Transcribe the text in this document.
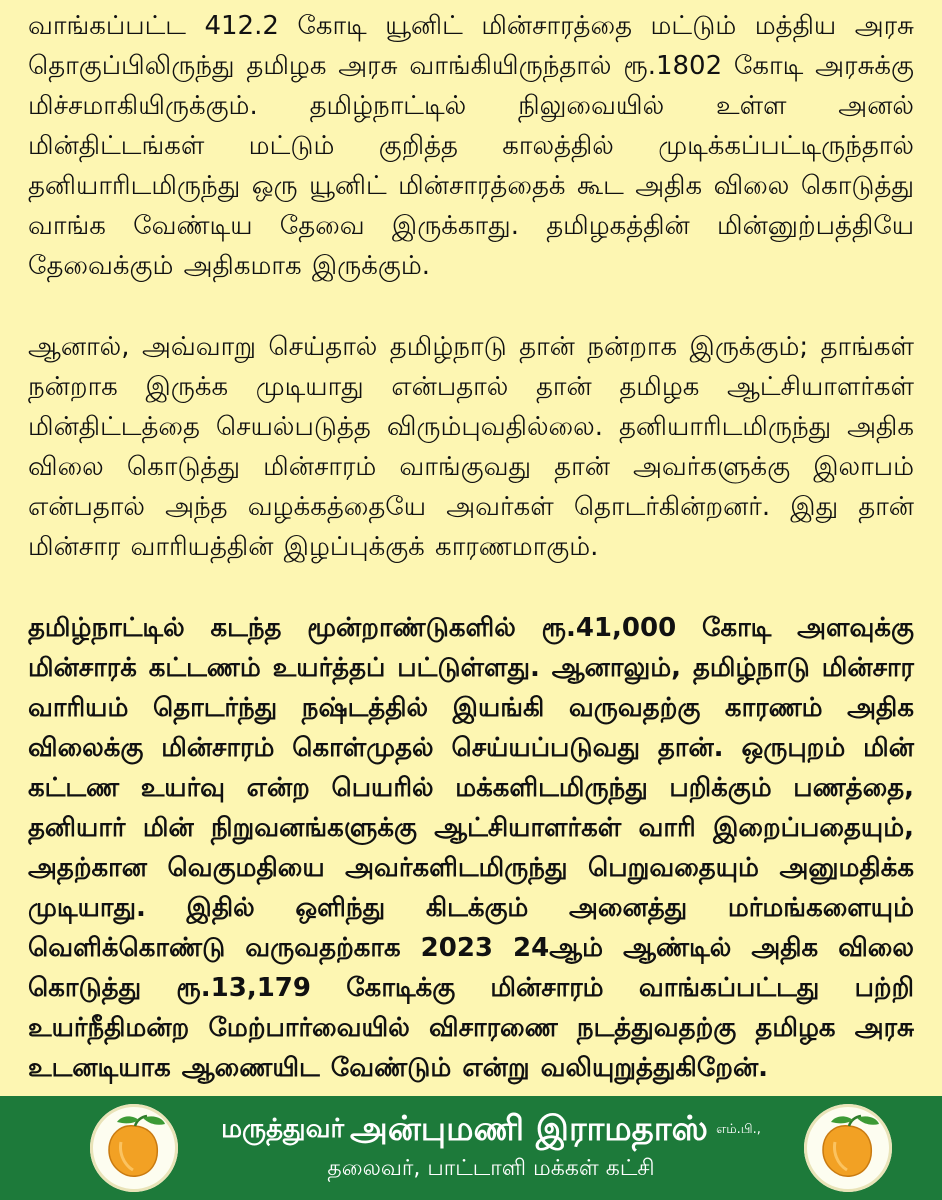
வாங்கப்பட்ட 412.2 கோடி யூனிட் மின்சாரத்தை மட்டும் மத்திய அரசு தொகுப்பிலிருந்து தமிழக அரசு வாங்கியிருந்தால் ரூ.1802 கோடி அரசுக்கு மிச்சமாகியிருக்கும். தமிழ்நாட்டில் நிலுவையில் உள்ள அனல் மின்திட்டங்கள் மட்டும் குறித்த காலத்தில் முடிக்கப்பட்டிருந்தால் தனியாரிடமிருந்து ஒரு யூனிட் மின்சாரத்தைக் கூட அதிக விலை கொடுத்து வாங்க வேண்டிய தேவை இருக்காது. தமிழகத்தின் மின்னுற்பத்தியே தேவைக்கும் அதிகமாக இருக்கும்.

ஆனால், அவ்வாறு செய்தால் தமிழ்நாடு தான் நன்றாக இருக்கும்; தாங்கள் நன்றாக இருக்க முடியாது என்பதால் தான் தமிழக ஆட்சியாளர்கள் மின்திட்டத்தை செயல்படுத்த விரும்புவதில்லை. தனியாரிடமிருந்து அதிக விலை கொடுத்து மின்சாரம் வாங்குவது தான் அவர்களுக்கு இலாபம் என்பதால் அந்த வழக்கத்தையே அவர்கள் தொடர்கின்றனர். இது தான் மின்சார வாரியத்தின் இழப்புக்குக் காரணமாகும்.

தமிழ்நாட்டில் கடந்த மூன்றாண்டுகளில் ரூ.41,000 கோடி அளவுக்கு மின்சாரக் கட்டணம் உயர்த்தப் பட்டுள்ளது. ஆனாலும், தமிழ்நாடு மின்சார வாரியம் தொடர்ந்து நஷ்டத்தில் இயங்கி வருவதற்கு காரணம் அதிக விலைக்கு மின்சாரம் கொள்முதல் செய்யப்படுவது தான். ஒருபுறம் மின் கட்டண உயர்வு என்ற பெயரில் மக்களிடமிருந்து பறிக்கும் பணத்தை, தனியார் மின் நிறுவனங்களுக்கு ஆட்சியாளர்கள் வாரி இறைப்பதையும், அதற்கான வெகுமதியை அவர்களிடமிருந்து பெறுவதையும் அனுமதிக்க முடியாது. இதில் ஒளிந்து கிடக்கும் அனைத்து மர்மங்களையும் வெளிக்கொண்டு வருவதற்காக 2023 24ஆம் ஆண்டில் அதிக விலை கொடுத்து ரூ.13,179 கோடிக்கு மின்சாரம் வாங்கப்பட்டது பற்றி உயர்நீதிமன்ற மேற்பார்வையில் விசாரணை நடத்துவதற்கு தமிழக அரசு உடனடியாக ஆணையிட வேண்டும் என்று வலியுறுத்துகிறேன்.

மருத்துவர் அன்புமணி இராமதாஸ் எம்.பி.,
தலைவர், பாட்டாளி மக்கள் கட்சி
